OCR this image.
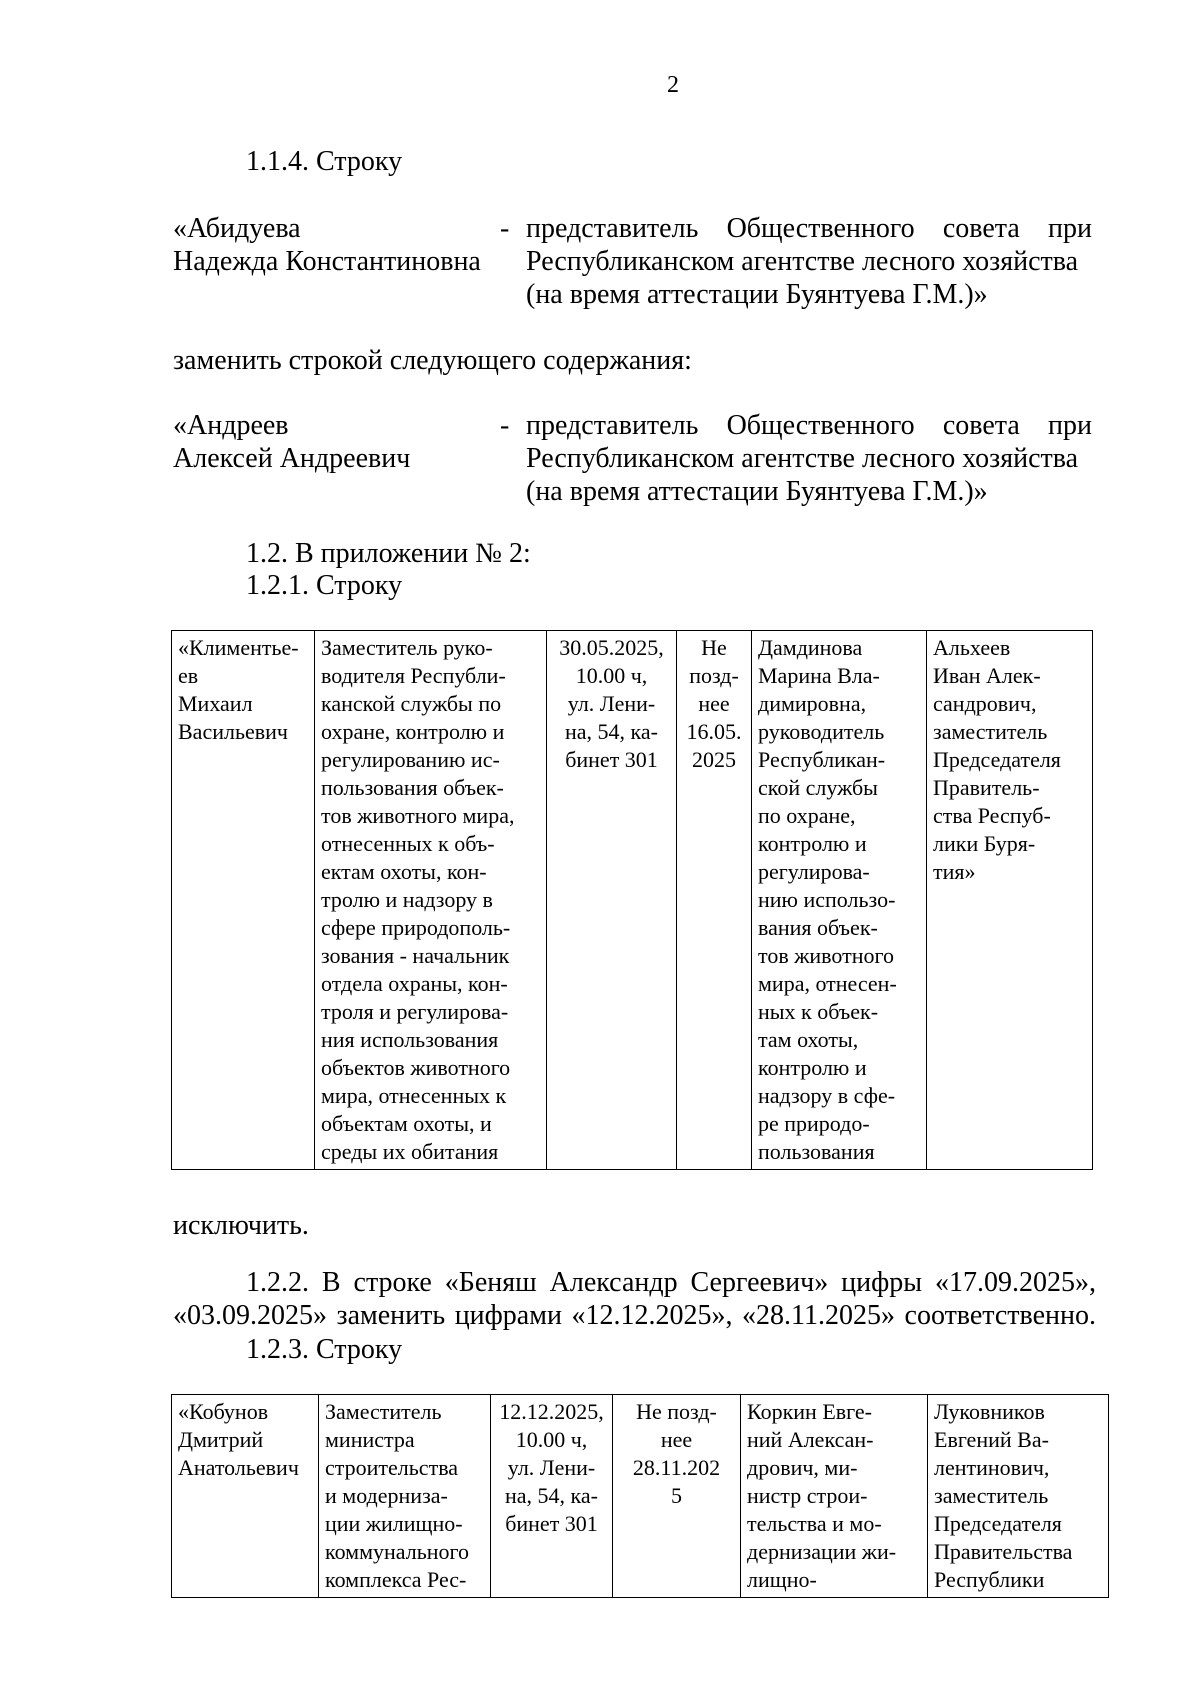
2
1.1.4. Строку
«Абидуева
Надежда Константиновна
- представитель Общественного совета при
Республиканском агентстве лесного хозяйства
(на время аттестации Буянтуева Г.М.)»
заменить строкой следующего содержания:
«Андреев
Алексей Андреевич
- представитель Общественного совета при
Республиканском агентстве лесного хозяйства
(на время аттестации Буянтуева Г.М.)»
1.2. В приложении № 2:
1.2.1. Строку
«Климентье-
ев
Михаил
Васильевич

Заместитель руко-
водителя Республи-
канской службы по
охране, контролю и
регулированию ис-
пользования объек-
тов животного мира,
отнесенных к объ-
ектам охоты, кон-
тролю и надзору в
сфере природополь-
зования - начальник
отдела охраны, кон-
троля и регулирова-
ния использования
объектов животного
мира, отнесенных к
объектам охоты, и
среды их обитания

30.05.2025,
10.00 ч,
ул. Лени-
на, 54, ка-
бинет 301

Не
позд-
нее
16.05.
2025

Дамдинова
Марина Вла-
димировна,
руководитель
Республикан-
ской службы
по охране,
контролю и
регулирова-
нию использо-
вания объек-
тов животного
мира, отнесен-
ных к объек-
там охоты,
контролю и
надзору в сфе-
ре природо-
пользования

Альхеев
Иван Алек-
сандрович,
заместитель
Председателя
Правитель-
ства Респуб-
лики Буря-
тия»
исключить.
1.2.2. В строке «Беняш Александр Сергеевич» цифры «17.09.2025»,
«03.09.2025» заменить цифрами «12.12.2025», «28.11.2025» соответственно.
1.2.3. Строку
«Кобунов
Дмитрий
Анатольевич

Заместитель
министра
строительства
и модерниза-
ции жилищно-
коммунального
комплекса Рес-

12.12.2025,
10.00 ч,
ул. Лени-
на, 54, ка-
бинет 301

Не позд-
нее
28.11.202
5

Коркин Евге-
ний Алексан-
дрович, ми-
нистр строи-
тельства и мо-
дернизации жи-
лищно-

Луковников
Евгений Ва-
лентинович,
заместитель
Председателя
Правительства
Республики
